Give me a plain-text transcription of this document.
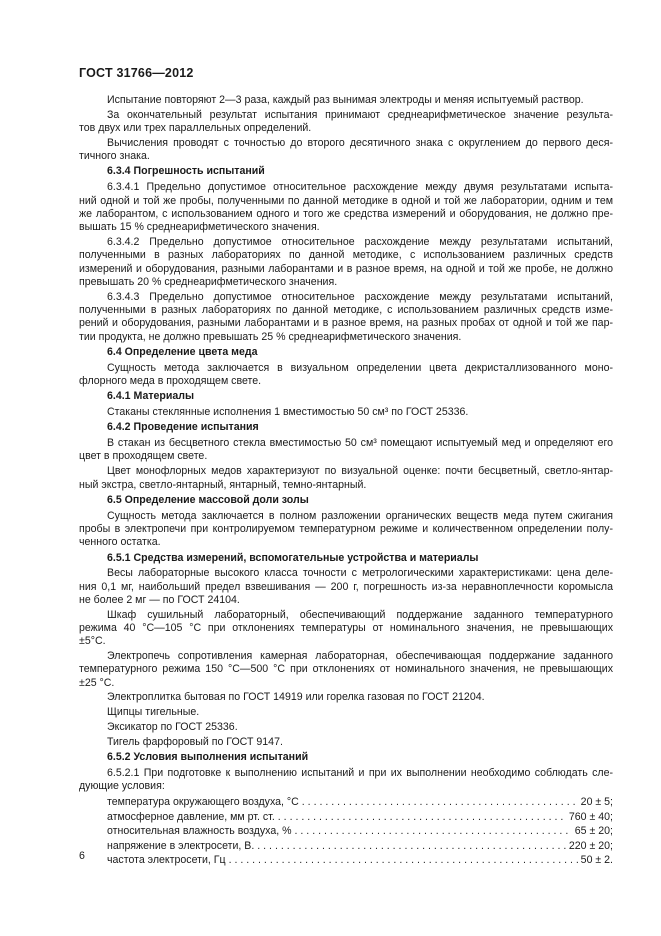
ГОСТ 31766—2012
Испытание повторяют 2—3 раза, каждый раз вынимая электроды и меняя испытуемый раствор.
За окончательный результат испытания принимают среднеарифметическое значение результа-
тов двух или трех параллельных определений.
Вычисления проводят с точностью до второго десятичного знака с округлением до первого деся-
тичного знака.
6.3.4 Погрешность испытаний
6.3.4.1 Предельно допустимое относительное расхождение между двумя результатами испыта-
ний одной и той же пробы, полученными по данной методике в одной и той же лаборатории, одним и тем
же лаборантом, с использованием одного и того же средства измерений и оборудования, не должно пре-
вышать 15 % среднеарифметического значения.
6.3.4.2 Предельно допустимое относительное расхождение между результатами испытаний,
полученными в разных лабораториях по данной методике, с использованием различных средств
измерений и оборудования, разными лаборантами и в разное время, на одной и той же пробе, не должно
превышать 20 % среднеарифметического значения.
6.3.4.3 Предельно допустимое относительное расхождение между результатами испытаний,
полученными в разных лабораториях по данной методике, с использованием различных средств изме-
рений и оборудования, разными лаборантами и в разное время, на разных пробах от одной и той же пар-
тии продукта, не должно превышать 25 % среднеарифметического значения.
6.4 Определение цвета меда
Сущность метода заключается в визуальном определении цвета декристаллизованного моно-
флорного меда в проходящем свете.
6.4.1 Материалы
Стаканы стеклянные исполнения 1 вместимостью 50 см³ по ГОСТ 25336.
6.4.2 Проведение испытания
В стакан из бесцветного стекла вместимостью 50 см³ помещают испытуемый мед и определяют его
цвет в проходящем свете.
Цвет монофлорных медов характеризуют по визуальной оценке: почти бесцветный, светло-янтар-
ный экстра, светло-янтарный, янтарный, темно-янтарный.
6.5 Определение массовой доли золы
Сущность метода заключается в полном разложении органических веществ меда путем сжигания
пробы в электропечи при контролируемом температурном режиме и количественном определении полу-
ченного остатка.
6.5.1 Средства измерений, вспомогательные устройства и материалы
Весы лабораторные высокого класса точности с метрологическими характеристиками: цена деле-
ния 0,1 мг, наибольший предел взвешивания — 200 г, погрешность из-за неравноплечности коромысла
не более 2 мг — по ГОСТ 24104.
Шкаф сушильный лабораторный, обеспечивающий поддержание заданного температурного
режима 40 °С—105 °С при отклонениях температуры от номинального значения, не превышающих
±5°С.
Электропечь сопротивления камерная лабораторная, обеспечивающая поддержание заданного
температурного режима 150 °С—500 °С при отклонениях от номинального значения, не превышающих
±25 °С.
Электроплитка бытовая по ГОСТ 14919 или горелка газовая по ГОСТ 21204.
Щипцы тигельные.
Эксикатор по ГОСТ 25336.
Тигель фарфоровый по ГОСТ 9147.
6.5.2 Условия выполнения испытаний
6.5.2.1 При подготовке к выполнению испытаний и при их выполнении необходимо соблюдать сле-
дующие условия:
температура окружающего воздуха, °С . . .	20 ± 5;
атмосферное давление, мм рт. ст. . . .	760 ± 40;
относительная влажность воздуха, % . . .	65 ± 20;
напряжение в электросети, В. . . .	220 ± 20;
частота электросети, Гц . . .	50 ± 2.
6
